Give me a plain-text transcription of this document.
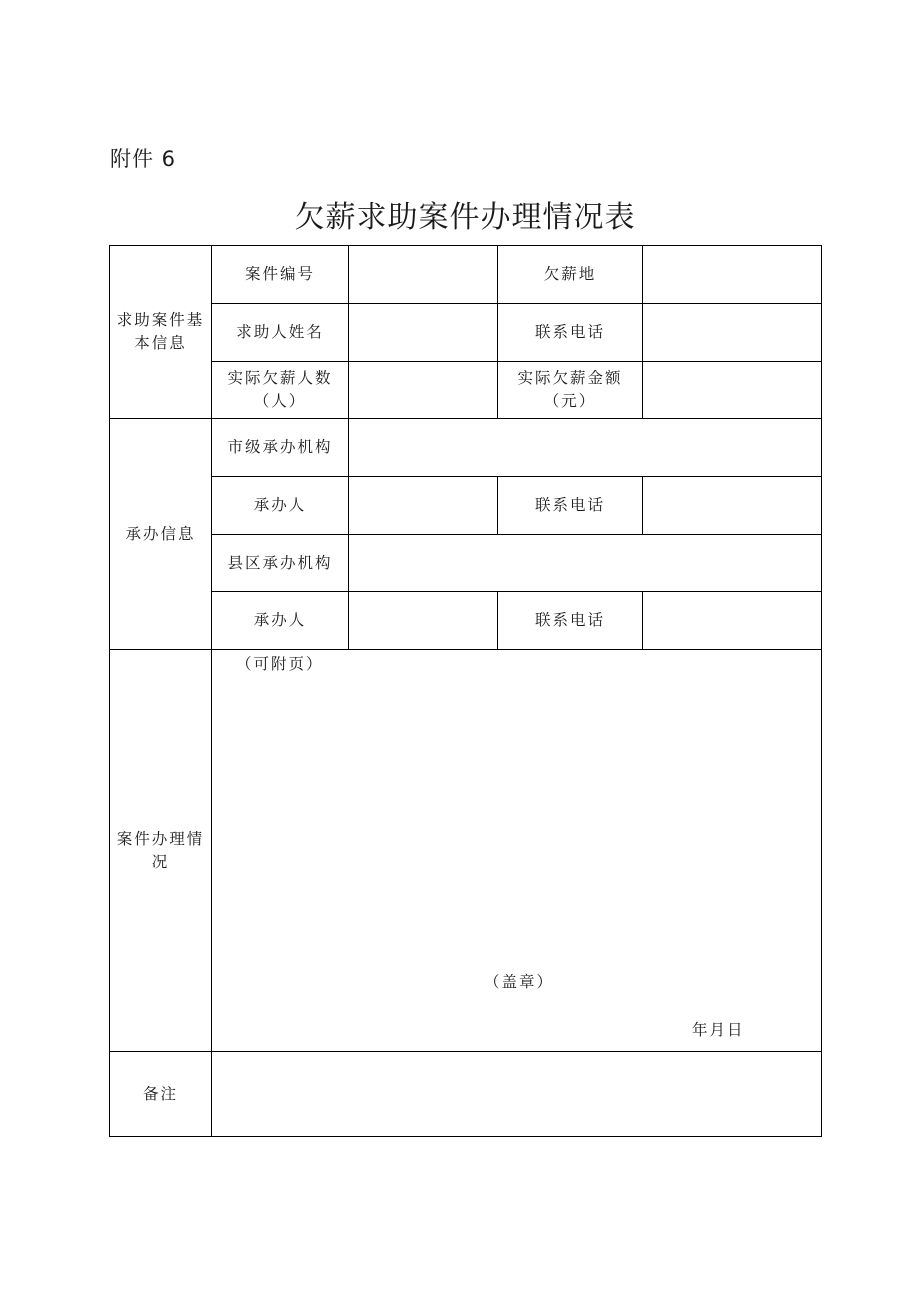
附件 6
欠薪求助案件办理情况表
求助案件基本信息	案件编号		欠薪地	
	求助人姓名		联系电话	
	实际欠薪人数（人）		实际欠薪金额（元）	
承办信息	市级承办机构			
	承办人		联系电话	
	县区承办机构			
	承办人		联系电话	
案件办理情况	（可附页）
（盖章）
年月日			

备注				
